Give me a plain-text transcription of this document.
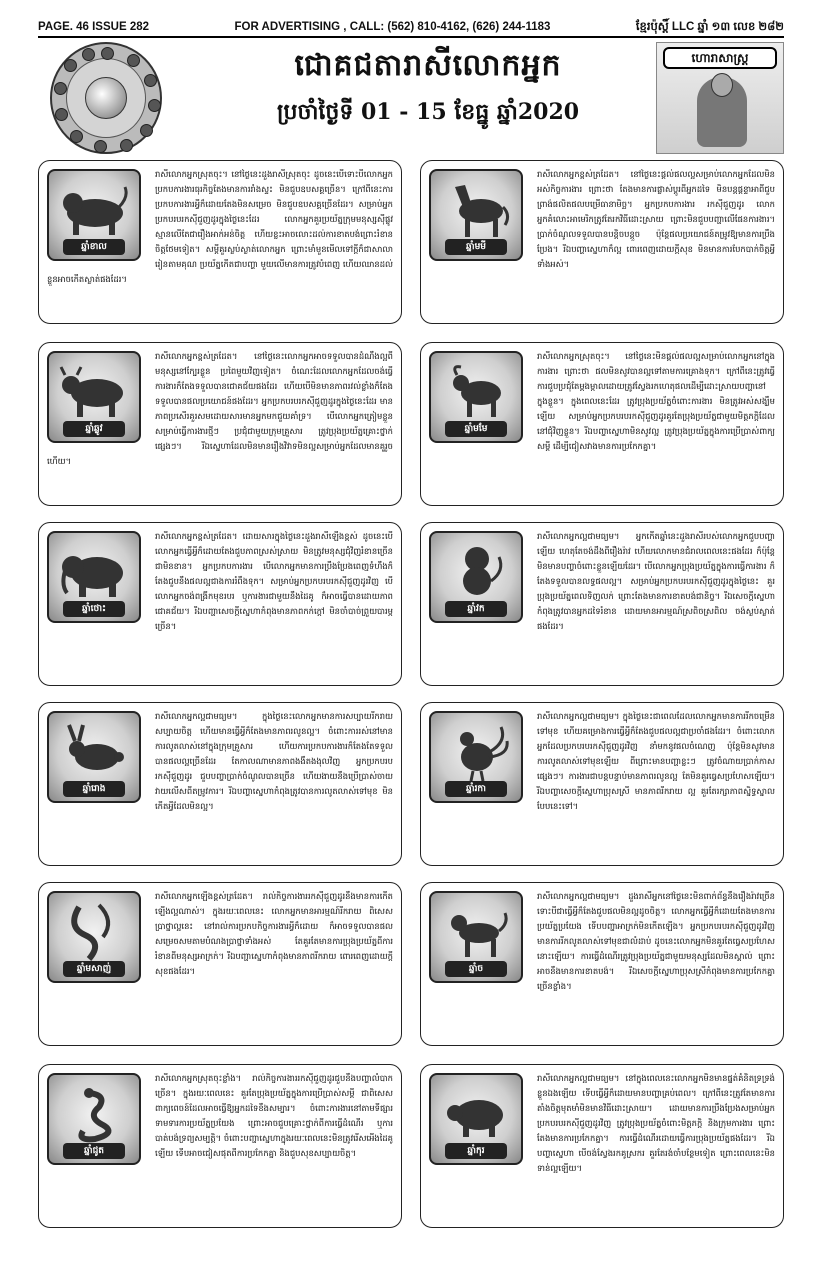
PAGE. 46 ISSUE 282	FOR ADVERTISING , CALL: (562) 810-4162, (626) 244-1183	ខ្មែរប៉ុស្ដិ៍ LLC ឆ្នាំ ១៣ លេខ ២៨២
ជោគជតារាសីលោកអ្នក
ប្រចាំថ្ងៃទី 01 - 15 ខែធ្នូ ឆ្នាំ2020
ហោរាសាស្ត្រ
ឆ្នាំខាល
រាសីលោកអ្នកស្រុតចុះ។ នៅថ្ងៃនេះដួងរាសីស្រុតចុះ ដូចនេះបើទោះបីលោកអ្នកប្រកបការងារធុរកិច្ចតែងមានការរាំងស្ទះ មិនជួបឧបសគ្គច្រើន។ ក្រៅពីនេះការប្រកបការងារអ្វីក៏ដោយតែងមិនសម្រេច មិនជួបឧបសគ្គច្រើនដែរ។ សម្រាប់អ្នកប្រកបរបរកស៊ីជួញដូរក្នុងថ្ងៃនេះដែរ លោកអ្នកគួរប្រយ័ត្នក្រុមមនុស្សស៊ីផ្លូវស្មានលើតែជារឿងអាក់អន់ចិត្ត ហើយខ្លះអាចលោះដល់ការខាតបង់ព្រោះរំខានចិត្តថែមទៀត។ សម្ដីគួរស្ងប់ស្ងាត់លោកអ្នក ព្រោះមាំមួនមើលទៅក្តីក៏ជាសាលារៀនតាមគុណ ប្រយ័ត្នកើតជាបញ្ហា មួយលើមានការត្រូវបំពេញ ហើយឈានដល់ខ្លួនអាចកើតស្ងាត់ផងដែរ។
ឆ្នាំឆ្លូវ
រាសីលោកអ្នកខ្ពស់ត្រដែត។ នៅថ្ងៃនេះលោកអ្នកអាចទទួលបានដំណឹងល្អពីមនុស្សនៅក្បែរខ្លួន ប្រពៃមួយវិញទៀត។ ចំណេះដែលលោកអ្នកដែលចង់ធ្វើការងារក៏តែងទទួលបានជោគជ័យផងដែរ ហើយបើមិនមានភាពរវល់ខ្លាំងក៏តែងទទួលបានផលប្រយោជន៍ផងដែរ។ អ្នកប្រកបរបរកស៊ីជួញដូរក្នុងថ្ងៃនេះដែរ មានភាពប្រសើរគួរសមដោយសារមានអ្នកមកជួយគាំទ្រ។ បើលោកអ្នកត្រៀមខ្លួនសម្រាប់ធ្វើការងារថ្មីៗ ប្រជុំជាមួយក្រុមគ្រួសារ ត្រូវប្រុងប្រយ័ត្នគ្រោះថ្នាក់ផ្សេងៗ។ រីឯស្នេហាដែលមិនមានរឿងវិវាទមិនល្អសម្រាប់អ្នកដែលមានគូរួចហើយ។
ឆ្នាំថោះ
រាសីលោកអ្នកខ្ពស់ត្រដែត។ ដោយសារក្នុងថ្ងៃនេះដួងរាសីឡើងខ្ពស់ ដូចនេះបើលោកអ្នកធ្វើអ្វីក៏ដោយតែងជួបភាពស្រស់ស្រាយ មិនត្រូវមនុស្សជុំវិញរំខានច្រើនជាមិនខាន។ អ្នកប្រកបការងារ បើលោកអ្នកមានការប្រឹងប្រែងពេញទំហឹងក៏តែងជួបនឹងផលល្អជាងការរំពឹងទុក។ សម្រាប់អ្នកប្រកបរបរកស៊ីជួញដូរវិញ បើលោកអ្នកចង់ពង្រីកមុខរបរ ឬការងារជាមួយនឹងដៃគូ ក៏អាចធ្វើបានដោយភាពជោគជ័យ។ រីឯបញ្ហាសេចក្ដីស្នេហាកំពុងមានភាពកក់ក្ដៅ មិនចាំបាច់ព្រួយបារម្ភច្រើន។
ឆ្នាំរោង
រាសីលោកអ្នកល្អជាមធ្យម។ ក្នុងថ្ងៃនេះលោកអ្នកមានការសប្បាយរីករាយ សប្បាយចិត្ត ហើយមានធ្វើអ្វីក៏តែងមានភាពរលូនល្អ។ ចំពោះការរស់នៅមានការលូតលាស់នៅក្នុងក្រុមគ្រួសារ ហើយការប្រកបការងារក៏តែងតែទទួលបានផលល្អច្រើនដែរ តែកាលណាមានភាពងងឹតងងុលវិញ អ្នកប្រកបរបរកស៊ីជួញដូរ ជួបបញ្ហាប្រាក់ចំណូលបានច្រើន ហើយងាយនឹងប្រើប្រាស់ចាយវាយលើសពីតម្រូវការ។ រីឯបញ្ហាស្នេហាកំពុងត្រូវបានការលូតលាស់ទៅមុខ មិនកើតអ្វីដែលមិនល្អ។
ឆ្នាំមសាញ់
រាសីលោកអ្នកឡើងខ្ពស់ត្រដែត។ រាល់កិច្ចការងាររកស៊ីជួញដូរនឹងមានការកើតឡើងល្អណាស់។ ក្នុងរយៈពេលនេះ លោកអ្នកមានអារម្មណ៍រីករាយ ពិសេសប្រាថ្នាល្អនេះ នៅរាល់ការប្រកបកិច្ចការងារអ្វីក៏ដោយ ក៏អាចទទួលបានផលសម្រេចសមតាមបំណងប្រាថ្នាទាំងអស់ តែគួរតែមានការប្រុងប្រយ័ត្នពីការរំខានពីមនុស្សអាក្រក់។ រីឯបញ្ហាស្នេហាកំពុងមានភាពរីករាយ ពោរពេញដោយក្ដីសុខផងដែរ។
ឆ្នាំជូត
រាសីលោកអ្នកស្រុតចុះខ្លាំង។ រាល់កិច្ចការងាររកស៊ីជួញដូរជួបនឹងបញ្ហាលំបាកច្រើន។ ក្នុងរយៈពេលនេះ គួរតែប្រុងប្រយ័ត្នក្នុងការប្រើប្រាស់សម្ដី ជាពិសេសពាក្យពេចន៍ដែលអាចធ្វើឱ្យអ្នកដទៃខឹងសម្បារ។ ចំពោះការងារនៅតាមទីផ្សារ ទាមទារការប្រយ័ត្នប្រយែង ព្រោះអាចជួបគ្រោះថ្នាក់ពីការធ្វើដំណើរ ឬការបាត់បង់ទ្រព្យសម្បត្តិ។ ចំពោះបញ្ហាស្នេហាក្នុងរយៈពេលនេះមិនត្រូវរើសអើងដៃគូឡើយ ទើបអាចជៀសផុតពីការប្រកែកគ្នា និងជួបសុខសប្បាយចិត្ត។
ឆ្នាំមមី
រាសីលោកអ្នកខ្ពស់ត្រដែត។ នៅថ្ងៃនេះផ្ដល់ផលល្អសម្រាប់លោកអ្នកដែលមិនអស់កិច្ចការងារ ព្រោះថា តែងមានការផ្លាស់ប្ដូរពីអ្នកដទៃ មិនបន្តផ្ដន្ទាអាពីជួប ព្រាង់ផលិតផលបម្រើធានាមិច្ឆ។ អ្នកប្រកបការងារ រកស៊ីជួញដូរ លោកអ្នកគំលោះអាមេរិកត្រូវតែរកវិធីដោះស្រាយ ព្រោះមិនជួបបញ្ហាលើផែនការងារ។ ប្រាក់ចំណូលទទួលបានបន្តិចបន្តួច ប៉ុន្តែផលប្រយោជន៍តម្រូវឱ្យមានការប្រឹងប្រែង។ រីឯបញ្ហាស្នេហាក៏ល្អ ពោរពេញដោយក្ដីសុខ មិនមានការបែកបាក់ចិត្តអ្វីទាំងអស់។
ឆ្នាំមមែ
រាសីលោកអ្នកស្រុតចុះ។ នៅថ្ងៃនេះមិនផ្ដល់ផលល្អសម្រាប់លោកអ្នកនៅក្នុងការងារ ព្រោះថា ផលមិនសូវបានល្អទៅតាមការគ្រោងទុក។ ក្រៅពីនេះត្រូវធ្វើការជួបប្រជុំតែម្ដងម្កាលដោយត្រូវស្វែងរកហេតុផលដើម្បីដោះស្រាយបញ្ហានៅក្នុងខ្លួន។ ក្នុងពេលនេះដែរ ត្រូវប្រុងប្រយ័ត្នចំពោះការងារ មិនត្រូវអស់សង្ឃឹមឡើយ សម្រាប់អ្នកប្រកបរបរកស៊ីជួញដូរគួរតែប្រុងប្រយ័ត្នជាមួយមិត្តភក្តិដែលនៅជុំវិញខ្លួន។ រីឯបញ្ហាស្នេហាមិនសូវល្អ ត្រូវប្រុងប្រយ័ត្នក្នុងការប្រើប្រាស់ពាក្យសម្ដី ដើម្បីជៀសវាងមានការប្រកែកគ្នា។
ឆ្នាំវក
រាសីលោកអ្នកល្អជាមធ្យម។ អ្នកកើតឆ្នាំនេះដួងរាសីរបស់លោកអ្នកជួបបញ្ហាឡើយ ហេតុតែចង់ដឹងពីរឿងរ៉ាវ ហើយលោកមានជំរាលពេលនេះផងដែរ ក៏ប៉ុន្តែមិនមានបញ្ហាចំពោះខ្លួនឡើយដែរ។ បើលោកអ្នកប្រុងប្រយ័ត្នក្នុងការធ្វើការងារ ក៏តែងទទួលបានលទ្ធផលល្អ។ សម្រាប់អ្នកប្រកបរបរកស៊ីជួញដូរក្នុងថ្ងៃនេះ គួរប្រុងប្រយ័ត្នពេលទិញលក់ ព្រោះតែងមានការខាតបង់ជានិច្ច។ រីឯសេចក្ដីស្នេហាកំពុងត្រូវបានអ្នកដទៃរំខាន ដោយមានអារម្មណ៍ស្រពិចស្រពិល ចង់ស្ងប់ស្ងាត់ផងដែរ។
ឆ្នាំរកា
រាសីលោកអ្នកល្អជាមធ្យម។ ក្នុងថ្ងៃនេះជាពេលដែលលោកអ្នកមានការរីកចម្រើនទៅមុខ ហើយគម្រោងការធ្វើអ្វីក៏តែងជួបផលល្អជាប្រចាំផងដែរ។ ចំពោះលោកអ្នកដែលប្រកបរបរកស៊ីជួញដូរវិញ នាំមកនូវផលចំណេញ ប៉ុន្តែមិនសូវមានការលូតលាស់ទៅមុខឡើយ ពីព្រោះមានបញ្ហាខ្លះៗ ត្រូវចំណាយប្រាក់កាសផ្សេងៗ។ ការងារជាបន្តបន្ទាប់មានភាពរលូនល្អ តែមិនគួរធ្វេសប្រហែសឡើយ។ រីឯបញ្ហាសេចក្ដីស្នេហាប្រុសស្រី មានភាពរីករាយ ល្អ គួរតែរក្សាភាពស្និទ្ធស្នាលបែបនេះទៅ។
ឆ្នាំច
រាសីលោកអ្នកល្អជាមធ្យម។ ដួងរាសីអ្នកនៅថ្ងៃនេះមិនពាក់ព័ន្ធនឹងរឿងរ៉ាវច្រើន ទោះបីជាធ្វើអ្វីក៏តែងជួបផលមិនល្អដូចចិត្ត។ លោកអ្នកធ្វើអ្វីក៏ដោយតែងមានការប្រយ័ត្នប្រយែង ទើបបញ្ហាអាក្រក់មិនកើតឡើង។ អ្នកប្រកបរបរកស៊ីជួញដូរវិញ មានការរីកលូតលាស់ទៅមុខជាលំដាប់ ដូចនេះលោកអ្នកមិនគួរតែធ្វេសប្រហែសនោះឡើយ។ ការធ្វើដំណើរត្រូវប្រុងប្រយ័ត្នជាមួយមនុស្សដែលមិនស្គាល់ ព្រោះអាចនឹងមានការខាតបង់។ រីឯសេចក្ដីស្នេហាប្រុសស្រីកំពុងមានការប្រកែកគ្នាច្រើនខ្លាំង។
ឆ្នាំកុរ
រាសីលោកអ្នកល្អជាមធ្យម។ នៅក្នុងពេលនេះលោកអ្នកមិនមានផ្នត់គំនិតទ្រទ្រង់ខ្លួនឯងឡើយ ទើបធ្វើអ្វីក៏ដោយមានបញ្ហាគ្រប់ពេល។ ក្រៅពីនេះត្រូវតែមានការតាំងចិត្តមុតមាំមិនមានវិធីដោះស្រាយ។ ដោយមានការប្រឹងប្រែងសម្រាប់អ្នកប្រកបរបរកស៊ីជួញដូរវិញ ត្រូវប្រុងប្រយ័ត្នចំពោះមិត្តភក្តិ និងក្រុមការងារ ព្រោះតែងមានការប្រកែកគ្នា។ ការធ្វើដំណើរដោយធ្វើការប្រុងប្រយ័ត្នផងដែរ។ រីឯបញ្ហាស្នេហា បើចង់ស្វែងរកគូស្រករ គួរតែរង់ចាំបន្ថែមទៀត ព្រោះពេលនេះមិនទាន់ល្អឡើយ។
